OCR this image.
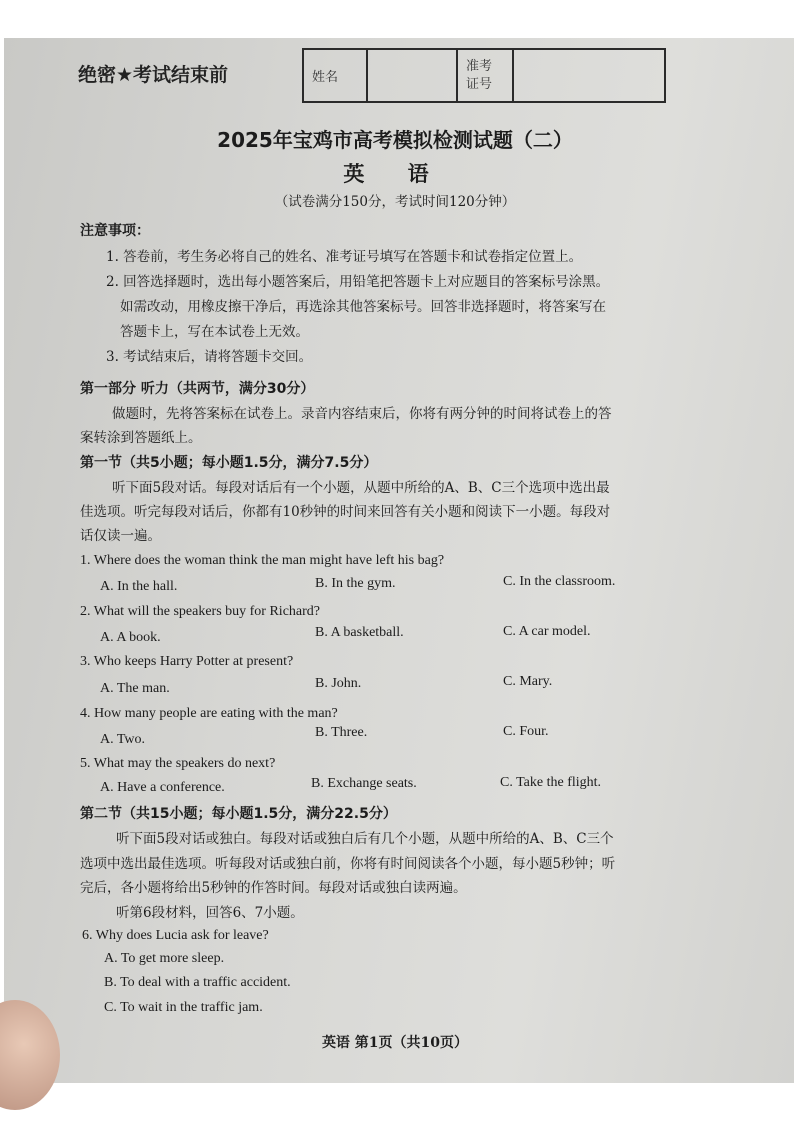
绝密★考试结束前	姓名		准考
证号	
2025年宝鸡市高考模拟检测试题（二）
英 语
（试卷满分150分，考试时间120分钟）
注意事项：
1. 答卷前，考生务必将自己的姓名、准考证号填写在答题卡和试卷指定位置上。
2. 回答选择题时，选出每小题答案后，用铅笔把答题卡上对应题目的答案标号涂黑。
如需改动，用橡皮擦干净后，再选涂其他答案标号。回答非选择题时，将答案写在
答题卡上，写在本试卷上无效。
3. 考试结束后，请将答题卡交回。
第一部分 听力（共两节，满分30分）
做题时，先将答案标在试卷上。录音内容结束后，你将有两分钟的时间将试卷上的答
案转涂到答题纸上。
第一节（共5小题；每小题1.5分，满分7.5分）
听下面5段对话。每段对话后有一个小题，从题中所给的A、B、C三个选项中选出最
佳选项。听完每段对话后，你都有10秒钟的时间来回答有关小题和阅读下一小题。每段对
话仅读一遍。
1. Where does the woman think the man might have left his bag?
A. In the hall.	B. In the gym.	C. In the classroom.
2. What will the speakers buy for Richard?
A. A book.	B. A basketball.	C. A car model.
3. Who keeps Harry Potter at present?
A. The man.	B. John.	C. Mary.
4. How many people are eating with the man?
A. Two.	B. Three.	C. Four.
5. What may the speakers do next?
A. Have a conference.	B. Exchange seats.	C. Take the flight.
第二节（共15小题；每小题1.5分，满分22.5分）
听下面5段对话或独白。每段对话或独白后有几个小题，从题中所给的A、B、C三个
选项中选出最佳选项。听每段对话或独白前，你将有时间阅读各个小题，每小题5秒钟；听
完后，各小题将给出5秒钟的作答时间。每段对话或独白读两遍。
听第6段材料，回答6、7小题。
6. Why does Lucia ask for leave?
A. To get more sleep.
B. To deal with a traffic accident.
C. To wait in the traffic jam.
英语 第1页（共10页）
